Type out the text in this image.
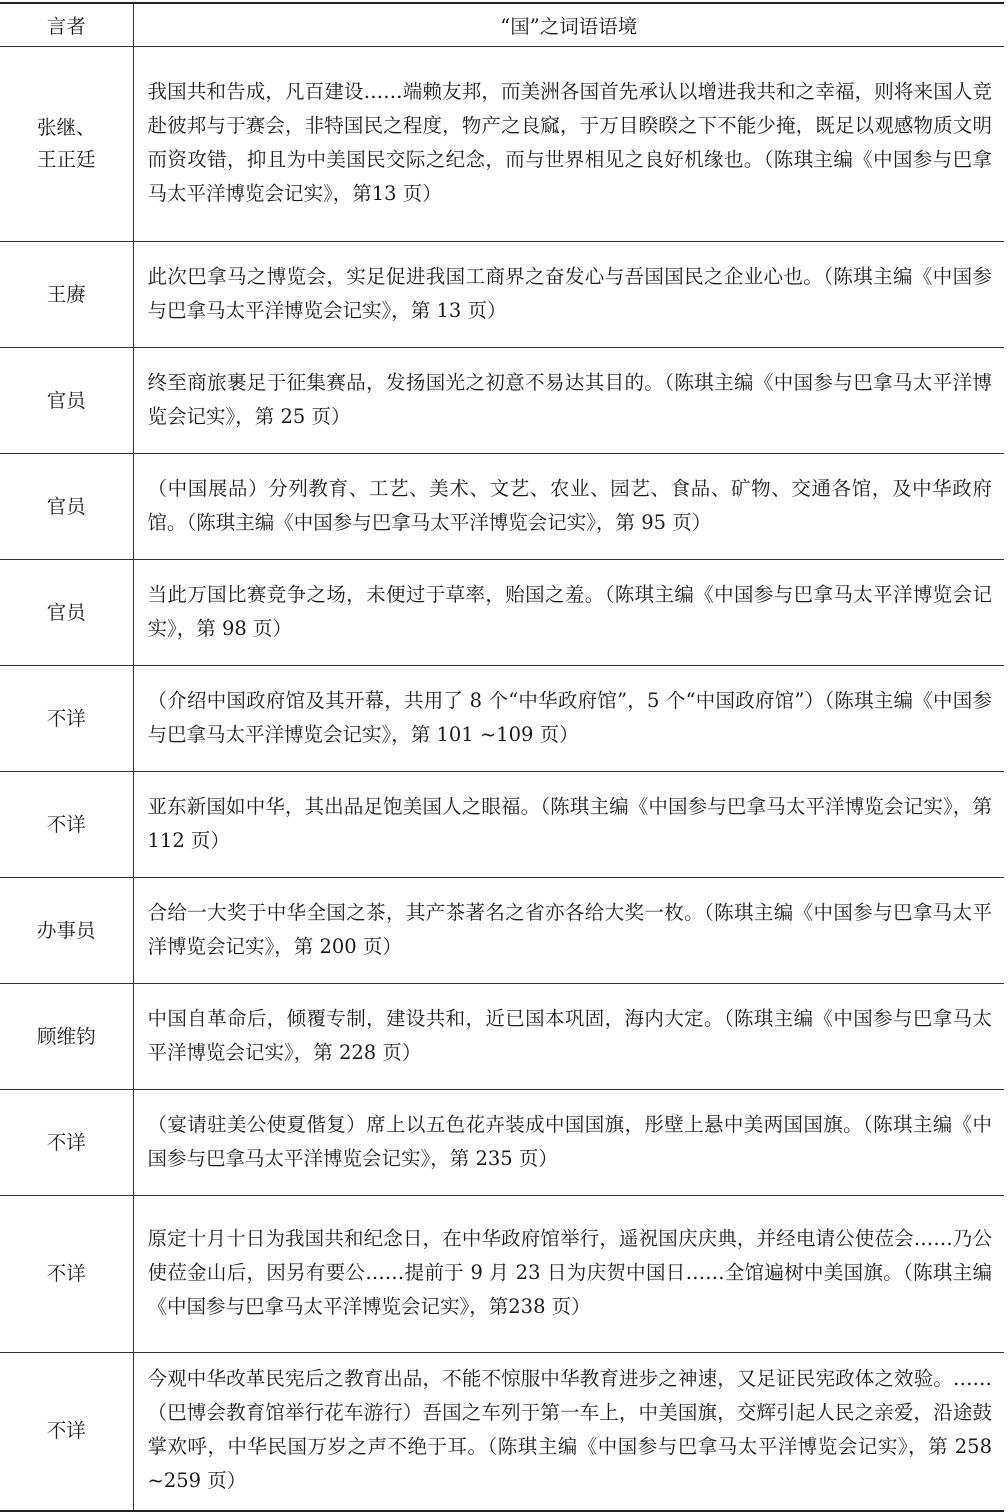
言者	“国”之词语语境
张继、
王正廷	我国共和告成，凡百建设……端赖友邦，而美洲各国首先承认以增进我共和之幸福，则将来国人竞赴彼邦与于赛会，非特国民之程度，物产之良窳，于万目睽睽之下不能少掩，既足以观感物质文明而资攻错，抑且为中美国民交际之纪念，而与世界相见之良好机缘也。（陈琪主编《中国参与巴拿马太平洋博览会记实》，第13 页）
王赓	此次巴拿马之博览会，实足促进我国工商界之奋发心与吾国国民之企业心也。（陈琪主编《中国参与巴拿马太平洋博览会记实》，第 13 页）
官员	终至商旅裹足于征集赛品，发扬国光之初意不易达其目的。（陈琪主编《中国参与巴拿马太平洋博览会记实》，第 25 页）
官员	（中国展品）分列教育、工艺、美术、文艺、农业、园艺、食品、矿物、交通各馆，及中华政府馆。（陈琪主编《中国参与巴拿马太平洋博览会记实》，第 95 页）
官员	当此万国比赛竞争之场，未便过于草率，贻国之羞。（陈琪主编《中国参与巴拿马太平洋博览会记实》，第 98 页）
不详	（介绍中国政府馆及其开幕，共用了 8 个“中华政府馆”，5 个“中国政府馆”）（陈琪主编《中国参与巴拿马太平洋博览会记实》，第 101 ~109 页）
不详	亚东新国如中华，其出品足饱美国人之眼福。（陈琪主编《中国参与巴拿马太平洋博览会记实》，第 112 页）
办事员	合给一大奖于中华全国之茶，其产茶著名之省亦各给大奖一枚。（陈琪主编《中国参与巴拿马太平洋博览会记实》，第 200 页）
顾维钧	中国自革命后，倾覆专制，建设共和，近已国本巩固，海内大定。（陈琪主编《中国参与巴拿马太平洋博览会记实》，第 228 页）
不详	（宴请驻美公使夏偕复）席上以五色花卉装成中国国旗，彤壁上悬中美两国国旗。（陈琪主编《中国参与巴拿马太平洋博览会记实》，第 235 页）
不详	原定十月十日为我国共和纪念日，在中华政府馆举行，遥祝国庆庆典，并经电请公使莅会……乃公使莅金山后，因另有要公……提前于 9 月 23 日为庆贺中国日……全馆遍树中美国旗。（陈琪主编《中国参与巴拿马太平洋博览会记实》，第238 页）
不详	今观中华改革民宪后之教育出品，不能不惊服中华教育进步之神速，又足证民宪政体之效验。……（巴博会教育馆举行花车游行）吾国之车列于第一车上，中美国旗，交辉引起人民之亲爱，沿途鼓掌欢呼，中华民国万岁之声不绝于耳。（陈琪主编《中国参与巴拿马太平洋博览会记实》，第 258 ~259 页）
